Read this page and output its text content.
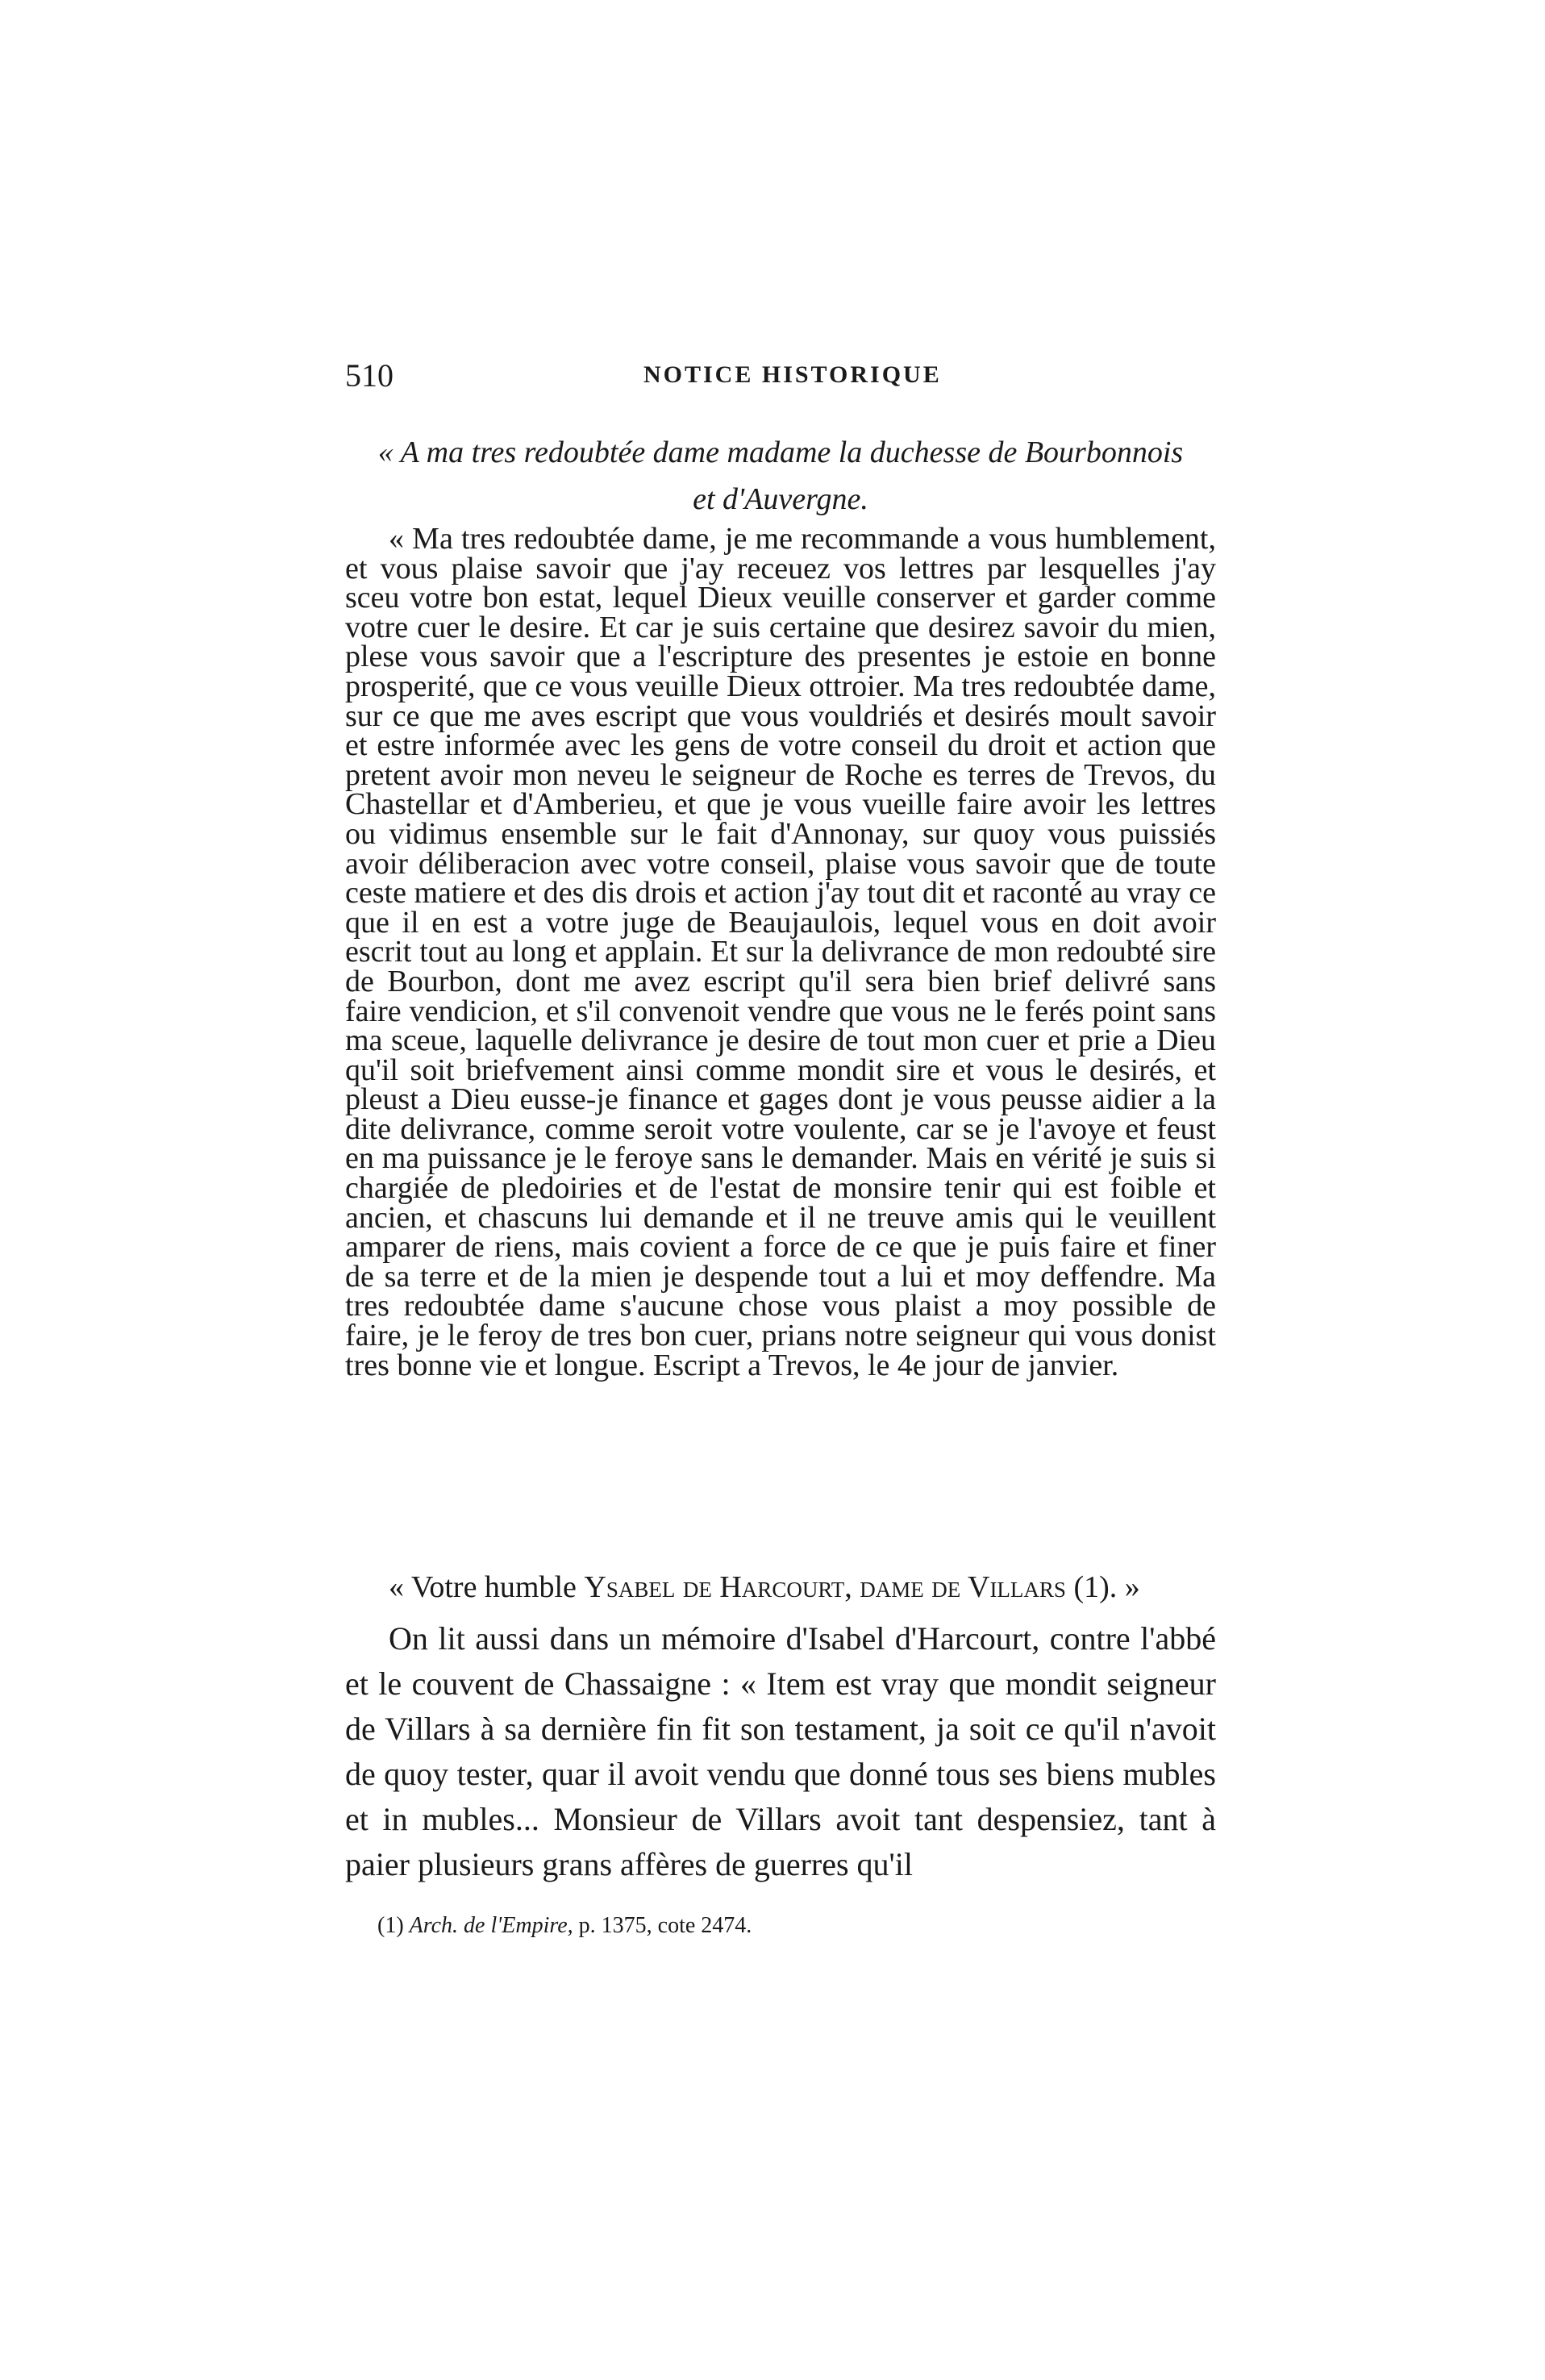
510	NOTICE HISTORIQUE

« A ma tres redoubtée dame madame la duchesse de Bourbonnois

et d'Auvergne.

« Ma tres redoubtée dame, je me recommande a vous humblement, et vous plaise savoir que j'ay receuez vos lettres par lesquelles j'ay sceu votre bon estat, lequel Dieux veuille conserver et garder comme votre cuer le desire. Et car je suis certaine que desirez savoir du mien, plese vous savoir que a l'escripture des presentes je estoie en bonne prosperité, que ce vous veuille Dieux ottroier. Ma tres redoubtée dame, sur ce que me aves escript que vous vouldriés et desirés moult savoir et estre informée avec les gens de votre conseil du droit et action que pretent avoir mon neveu le seigneur de Roche es terres de Trevos, du Chastellar et d'Amberieu, et que je vous vueille faire avoir les lettres ou vidimus ensemble sur le fait d'Annonay, sur quoy vous puissiés avoir déliberacion avec votre conseil, plaise vous savoir que de toute ceste matiere et des dis drois et action j'ay tout dit et raconté au vray ce que il en est a votre juge de Beaujaulois, lequel vous en doit avoir escrit tout au long et applain. Et sur la delivrance de mon redoubté sire de Bourbon, dont me avez escript qu'il sera bien brief delivré sans faire vendicion, et s'il convenoit vendre que vous ne le ferés point sans ma sceue, laquelle delivrance je desire de tout mon cuer et prie a Dieu qu'il soit briefvement ainsi comme mondit sire et vous le desirés, et pleust a Dieu eusse-je finance et gages dont je vous peusse aidier a la dite delivrance, comme seroit votre voulente, car se je l'avoye et feust en ma puissance je le feroye sans le demander. Mais en vérité je suis si chargiée de pledoiries et de l'estat de monsire tenir qui est foible et ancien, et chascuns lui demande et il ne treuve amis qui le veuillent amparer de riens, mais covient a force de ce que je puis faire et finer de sa terre et de la mien je despende tout a lui et moy deffendre. Ma tres redoubtée dame s'aucune chose vous plaist a moy possible de faire, je le feroy de tres bon cuer, prians notre seigneur qui vous donist tres bonne vie et longue. Escript a Trevos, le 4e jour de janvier.

« Votre humble Ysabel de Harcourt, dame de Villars (1). »

On lit aussi dans un mémoire d'Isabel d'Harcourt, contre l'abbé et le couvent de Chassaigne : « Item est vray que mondit seigneur de Villars à sa dernière fin fit son testament, ja soit ce qu'il n'avoit de quoy tester, quar il avoit vendu que donné tous ses biens mubles et in mubles... Monsieur de Villars avoit tant despensiez, tant à paier plusieurs grans affères de guerres qu'il

(1) Arch. de l'Empire, p. 1375, cote 2474.
